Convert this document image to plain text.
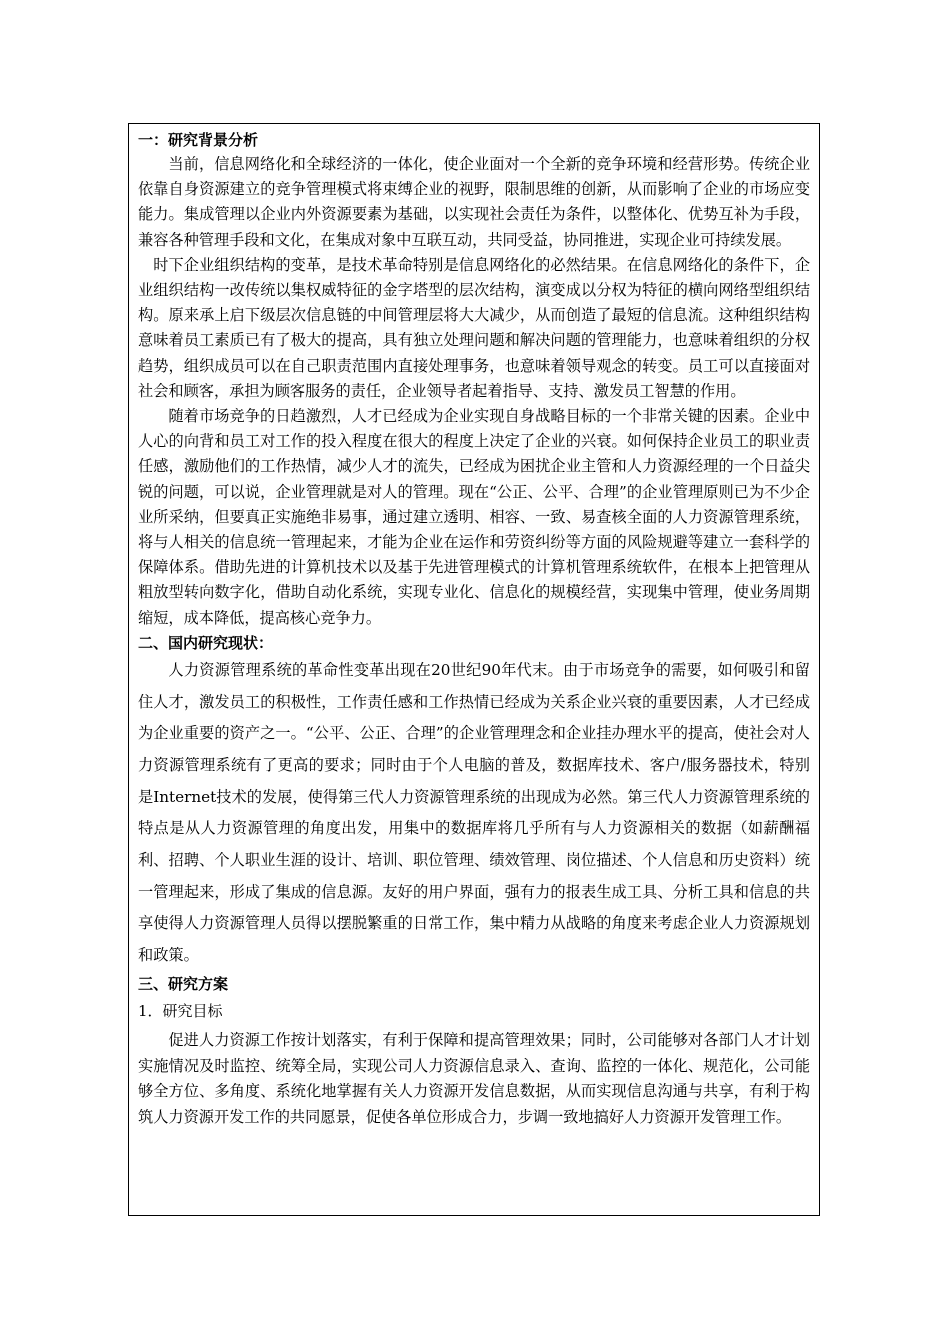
一：研究背景分析

当前，信息网络化和全球经济的一体化，使企业面对一个全新的竞争环境和经营形势。传统企业依靠自身资源建立的竞争管理模式将束缚企业的视野，限制思维的创新，从而影响了企业的市场应变能力。集成管理以企业内外资源要素为基础，以实现社会责任为条件，以整体化、优势互补为手段，兼容各种管理手段和文化，在集成对象中互联互动，共同受益，协同推进，实现企业可持续发展。

时下企业组织结构的变革，是技术革命特别是信息网络化的必然结果。在信息网络化的条件下，企业组织结构一改传统以集权威特征的金字塔型的层次结构，演变成以分权为特征的横向网络型组织结构。原来承上启下级层次信息链的中间管理层将大大减少，从而创造了最短的信息流。这种组织结构意味着员工素质已有了极大的提高，具有独立处理问题和解决问题的管理能力，也意味着组织的分权趋势，组织成员可以在自己职责范围内直接处理事务，也意味着领导观念的转变。员工可以直接面对社会和顾客，承担为顾客服务的责任，企业领导者起着指导、支持、激发员工智慧的作用。

随着市场竞争的日趋激烈，人才已经成为企业实现自身战略目标的一个非常关键的因素。企业中人心的向背和员工对工作的投入程度在很大的程度上决定了企业的兴衰。如何保持企业员工的职业责任感，激励他们的工作热情，减少人才的流失，已经成为困扰企业主管和人力资源经理的一个日益尖锐的问题，可以说，企业管理就是对人的管理。现在“公正、公平、合理”的企业管理原则已为不少企业所采纳，但要真正实施绝非易事，通过建立透明、相容、一致、易查核全面的人力资源管理系统，将与人相关的信息统一管理起来，才能为企业在运作和劳资纠纷等方面的风险规避等建立一套科学的保障体系。借助先进的计算机技术以及基于先进管理模式的计算机管理系统软件，在根本上把管理从粗放型转向数字化，借助自动化系统，实现专业化、信息化的规模经营，实现集中管理，使业务周期缩短，成本降低，提高核心竞争力。

二、国内研究现状：

人力资源管理系统的革命性变革出现在20世纪90年代末。由于市场竞争的需要，如何吸引和留住人才，激发员工的积极性，工作责任感和工作热情已经成为关系企业兴衰的重要因素，人才已经成为企业重要的资产之一。“公平、公正、合理”的企业管理理念和企业挂办理水平的提高，使社会对人力资源管理系统有了更高的要求；同时由于个人电脑的普及，数据库技术、客户/服务器技术，特别是Internet技术的发展，使得第三代人力资源管理系统的出现成为必然。第三代人力资源管理系统的特点是从人力资源管理的角度出发，用集中的数据库将几乎所有与人力资源相关的数据（如薪酬福利、招聘、个人职业生涯的设计、培训、职位管理、绩效管理、岗位描述、个人信息和历史资料）统一管理起来，形成了集成的信息源。友好的用户界面，强有力的报表生成工具、分析工具和信息的共享使得人力资源管理人员得以摆脱繁重的日常工作，集中精力从战略的角度来考虑企业人力资源规划和政策。

三、研究方案
1．研究目标

促进人力资源工作按计划落实，有利于保障和提高管理效果；同时，公司能够对各部门人才计划实施情况及时监控、统筹全局，实现公司人力资源信息录入、查询、监控的一体化、规范化，公司能够全方位、多角度、系统化地掌握有关人力资源开发信息数据，从而实现信息沟通与共享，有利于构筑人力资源开发工作的共同愿景，促使各单位形成合力，步调一致地搞好人力资源开发管理工作。
